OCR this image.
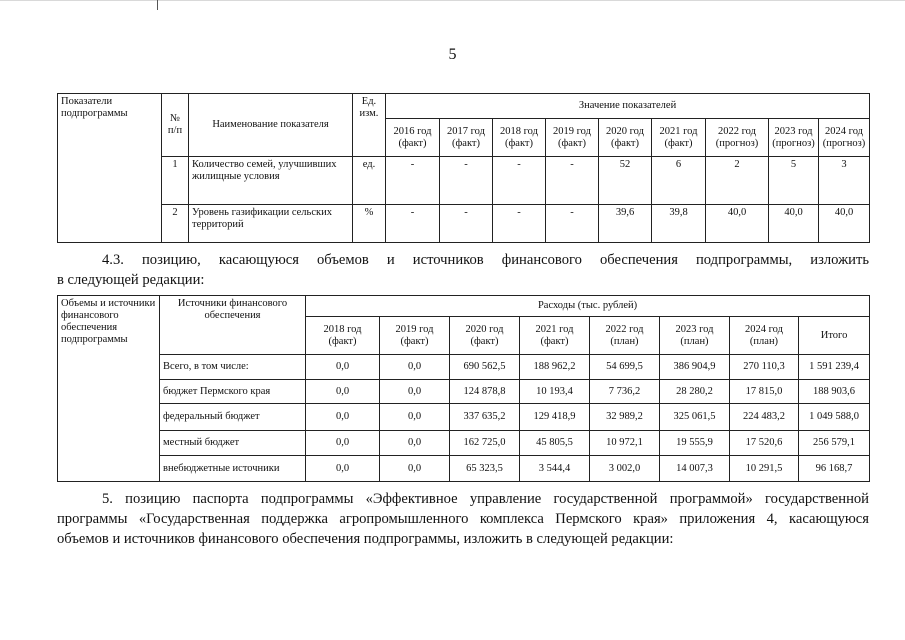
5
Показатели подпрограммы	№ п/п	Наименование показателя	Ед. изм.	Значение показателей								
				2016 год (факт)	2017 год (факт)	2018 год (факт)	2019 год (факт)	2020 год (факт)	2021 год (факт)	2022 год (прогноз)	2023 год (прогноз)	2024 год (прогноз)
	1	Количество семей, улучшивших жилищные условия	ед.	-	-	-	-	52	6	2	5	3
	2	Уровень газификации сельских территорий	%	-	-	-	-	39,6	39,8	40,0	40,0	40,0
4.3. позицию, касающуюся объемов и источников финансового обеспечения подпрограммы, изложить
в следующей редакции:
Объемы и источники финансового обеспечения подпрограммы	Источники финансового обеспечения	Расходы (тыс. рублей)							
		2018 год (факт)	2019 год (факт)	2020 год (факт)	2021 год (факт)	2022 год (план)	2023 год (план)	2024 год (план)	Итого
	Всего, в том числе:	0,0	0,0	690 562,5	188 962,2	54 699,5	386 904,9	270 110,3	1 591 239,4
	бюджет Пермского края	0,0	0,0	124 878,8	10 193,4	7 736,2	28 280,2	17 815,0	188 903,6
	федеральный бюджет	0,0	0,0	337 635,2	129 418,9	32 989,2	325 061,5	224 483,2	1 049 588,0
	местный бюджет	0,0	0,0	162 725,0	45 805,5	10 972,1	19 555,9	17 520,6	256 579,1
	внебюджетные источники	0,0	0,0	65 323,5	3 544,4	3 002,0	14 007,3	10 291,5	96 168,7
5. позицию паспорта подпрограммы «Эффективное управление государственной программой» государственной
программы «Государственная поддержка агропромышленного комплекса Пермского края» приложения 4, касающуюся
объемов и источников финансового обеспечения подпрограммы, изложить в следующей редакции:
